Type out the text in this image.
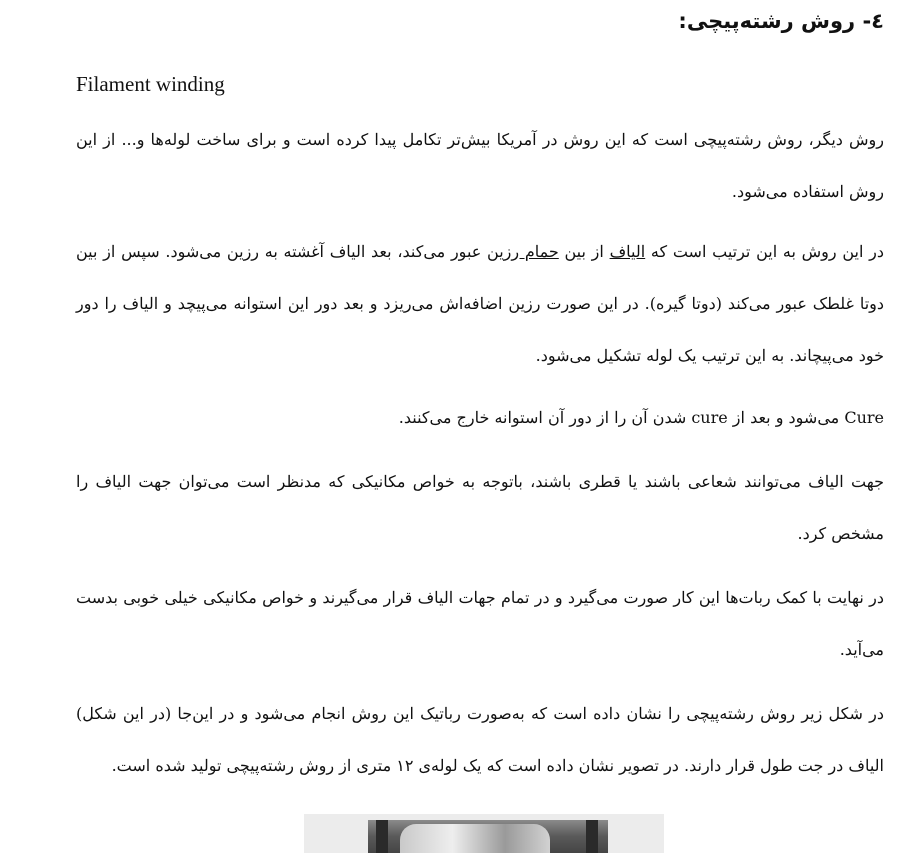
٤- روش رشته‌پیچی:
Filament winding

روش دیگر، روش رشته‌پیچی است که این روش در آمریکا بیش‌تر تکامل پیدا کرده است و برای ساخت لوله‌ها و... از این روش استفاده می‌شود.

در این روش به این ترتیب است که الیاف از بین حمام رزین عبور می‌کند، بعد الیاف آغشته به رزین می‌شود. سپس از بین دوتا غلطک عبور می‌کند (دوتا گیره). در این صورت رزین اضافه‌اش می‌ریزد و بعد دور این استوانه می‌پیچد و الیاف را دور خود می‌پیچاند. به این ترتیب یک لوله تشکیل می‌شود.

Cure می‌شود و بعد از cure شدن آن را از دور آن استوانه خارج می‌کنند.

جهت الیاف می‌توانند شعاعی باشند یا قطری باشند، باتوجه به خواص مکانیکی که مدنظر است می‌توان جهت الیاف را مشخص کرد.

در نهایت با کمک ربات‌ها این کار صورت می‌گیرد و در تمام جهات الیاف قرار می‌گیرند و خواص مکانیکی خیلی خوبی بدست می‌آید.

در شکل زیر روش رشته‌پیچی را نشان داده است که به‌صورت رباتیک این روش انجام می‌شود و در این‌جا (در این شکل) الیاف در جت طول قرار دارند. در تصویر نشان داده است که یک لوله‌ی ۱۲ متری از روش رشته‌پیچی تولید شده است.
